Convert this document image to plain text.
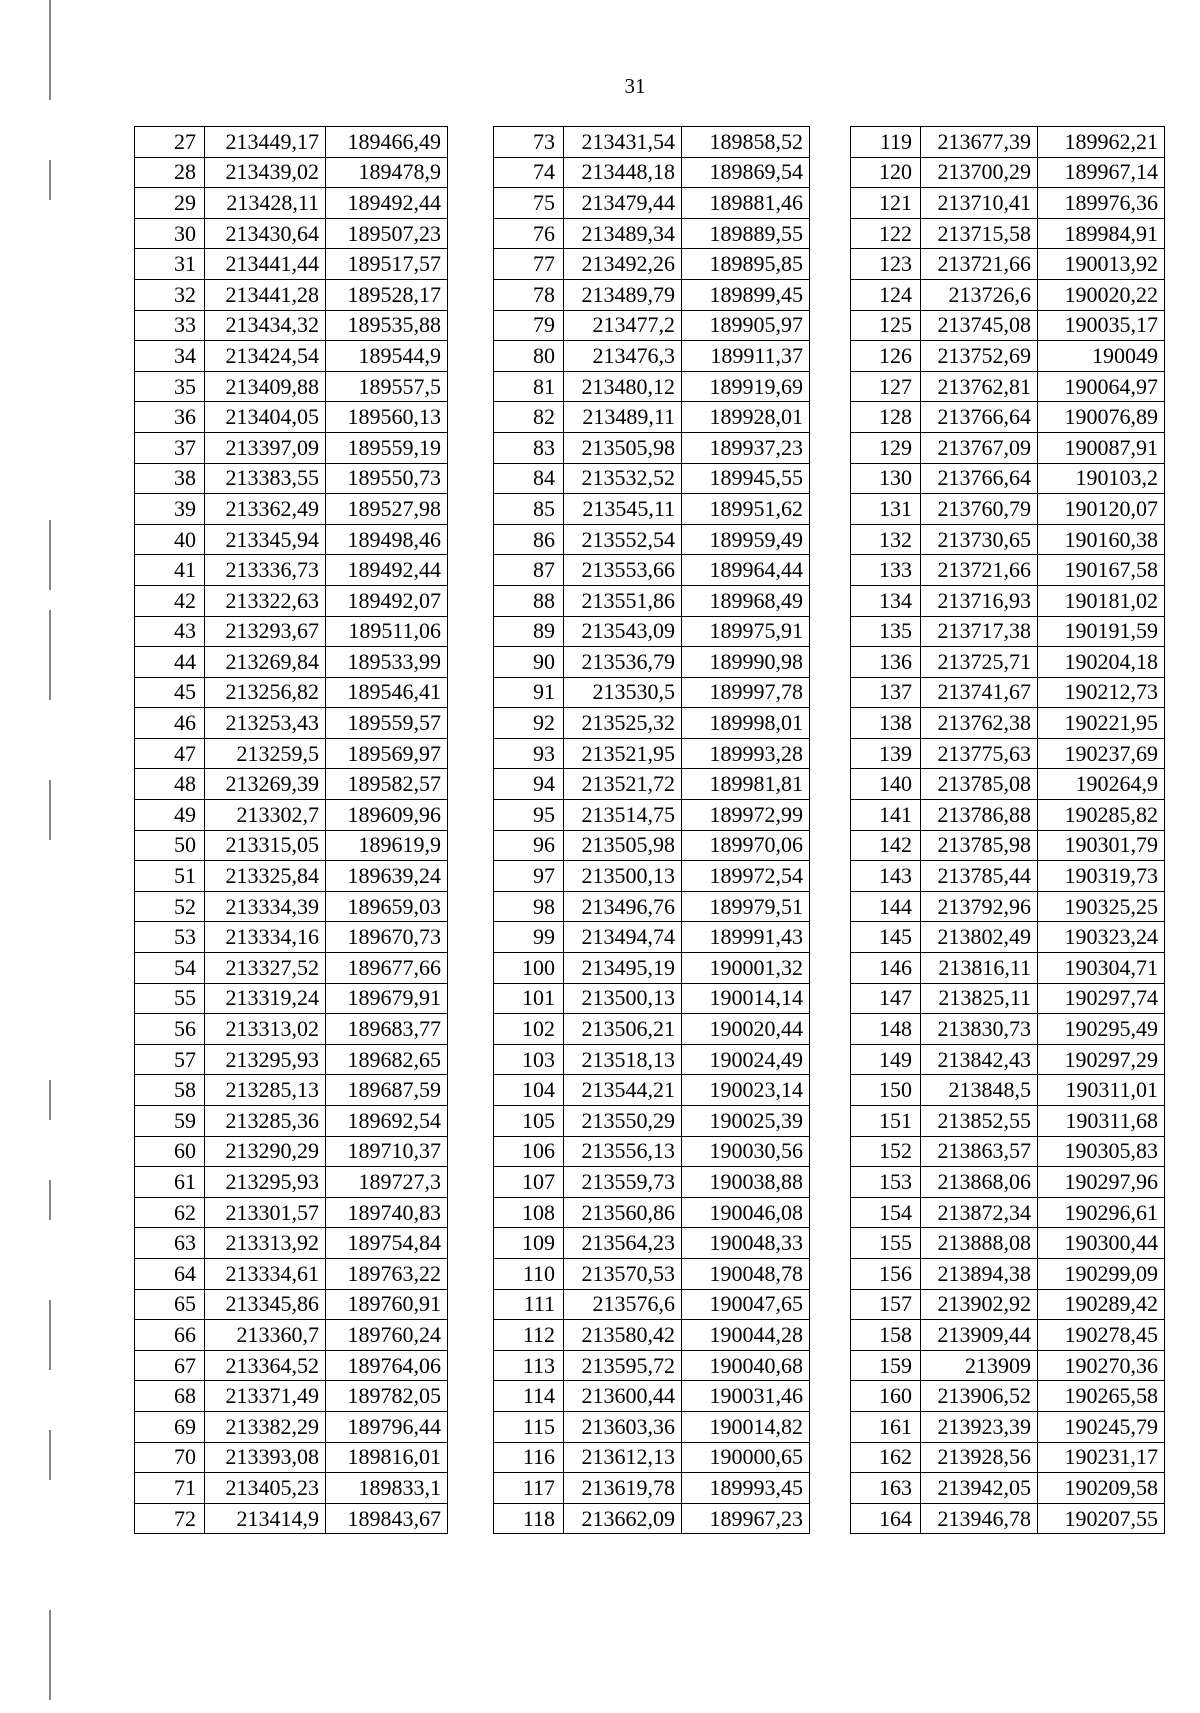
31
27	213449,17	189466,49
28	213439,02	189478,9
29	213428,11	189492,44
30	213430,64	189507,23
31	213441,44	189517,57
32	213441,28	189528,17
33	213434,32	189535,88
34	213424,54	189544,9
35	213409,88	189557,5
36	213404,05	189560,13
37	213397,09	189559,19
38	213383,55	189550,73
39	213362,49	189527,98
40	213345,94	189498,46
41	213336,73	189492,44
42	213322,63	189492,07
43	213293,67	189511,06
44	213269,84	189533,99
45	213256,82	189546,41
46	213253,43	189559,57
47	213259,5	189569,97
48	213269,39	189582,57
49	213302,7	189609,96
50	213315,05	189619,9
51	213325,84	189639,24
52	213334,39	189659,03
53	213334,16	189670,73
54	213327,52	189677,66
55	213319,24	189679,91
56	213313,02	189683,77
57	213295,93	189682,65
58	213285,13	189687,59
59	213285,36	189692,54
60	213290,29	189710,37
61	213295,93	189727,3
62	213301,57	189740,83
63	213313,92	189754,84
64	213334,61	189763,22
65	213345,86	189760,91
66	213360,7	189760,24
67	213364,52	189764,06
68	213371,49	189782,05
69	213382,29	189796,44
70	213393,08	189816,01
71	213405,23	189833,1
72	213414,9	189843,67
73	213431,54	189858,52
74	213448,18	189869,54
75	213479,44	189881,46
76	213489,34	189889,55
77	213492,26	189895,85
78	213489,79	189899,45
79	213477,2	189905,97
80	213476,3	189911,37
81	213480,12	189919,69
82	213489,11	189928,01
83	213505,98	189937,23
84	213532,52	189945,55
85	213545,11	189951,62
86	213552,54	189959,49
87	213553,66	189964,44
88	213551,86	189968,49
89	213543,09	189975,91
90	213536,79	189990,98
91	213530,5	189997,78
92	213525,32	189998,01
93	213521,95	189993,28
94	213521,72	189981,81
95	213514,75	189972,99
96	213505,98	189970,06
97	213500,13	189972,54
98	213496,76	189979,51
99	213494,74	189991,43
100	213495,19	190001,32
101	213500,13	190014,14
102	213506,21	190020,44
103	213518,13	190024,49
104	213544,21	190023,14
105	213550,29	190025,39
106	213556,13	190030,56
107	213559,73	190038,88
108	213560,86	190046,08
109	213564,23	190048,33
110	213570,53	190048,78
111	213576,6	190047,65
112	213580,42	190044,28
113	213595,72	190040,68
114	213600,44	190031,46
115	213603,36	190014,82
116	213612,13	190000,65
117	213619,78	189993,45
118	213662,09	189967,23
119	213677,39	189962,21
120	213700,29	189967,14
121	213710,41	189976,36
122	213715,58	189984,91
123	213721,66	190013,92
124	213726,6	190020,22
125	213745,08	190035,17
126	213752,69	190049
127	213762,81	190064,97
128	213766,64	190076,89
129	213767,09	190087,91
130	213766,64	190103,2
131	213760,79	190120,07
132	213730,65	190160,38
133	213721,66	190167,58
134	213716,93	190181,02
135	213717,38	190191,59
136	213725,71	190204,18
137	213741,67	190212,73
138	213762,38	190221,95
139	213775,63	190237,69
140	213785,08	190264,9
141	213786,88	190285,82
142	213785,98	190301,79
143	213785,44	190319,73
144	213792,96	190325,25
145	213802,49	190323,24
146	213816,11	190304,71
147	213825,11	190297,74
148	213830,73	190295,49
149	213842,43	190297,29
150	213848,5	190311,01
151	213852,55	190311,68
152	213863,57	190305,83
153	213868,06	190297,96
154	213872,34	190296,61
155	213888,08	190300,44
156	213894,38	190299,09
157	213902,92	190289,42
158	213909,44	190278,45
159	213909	190270,36
160	213906,52	190265,58
161	213923,39	190245,79
162	213928,56	190231,17
163	213942,05	190209,58
164	213946,78	190207,55
